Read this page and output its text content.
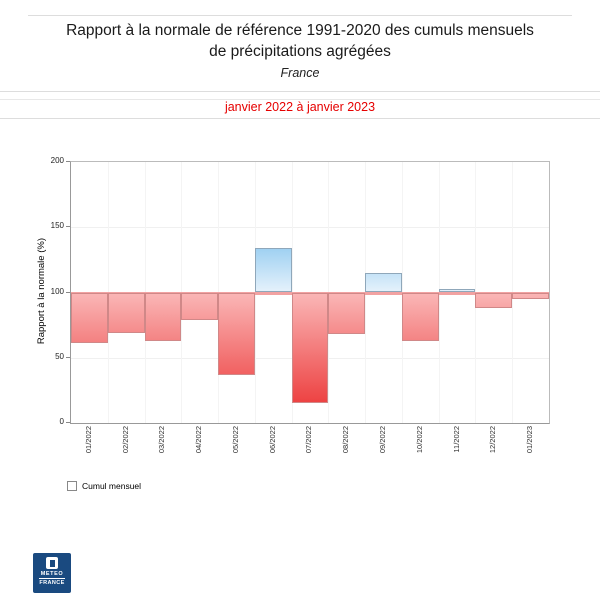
Rapport à la normale de référence 1991-2020 des cumuls mensuels
de précipitations agrégées
France
janvier 2022 à janvier 2023
Rapport à la normale (%)
01/2022	02/2022	03/2022	04/2022	05/2022	06/2022	07/2022	08/2022	09/2022	10/2022	11/2022	12/2022	01/2023
Cumul mensuel
METEO
FRANCE
0
50
100
150
200
